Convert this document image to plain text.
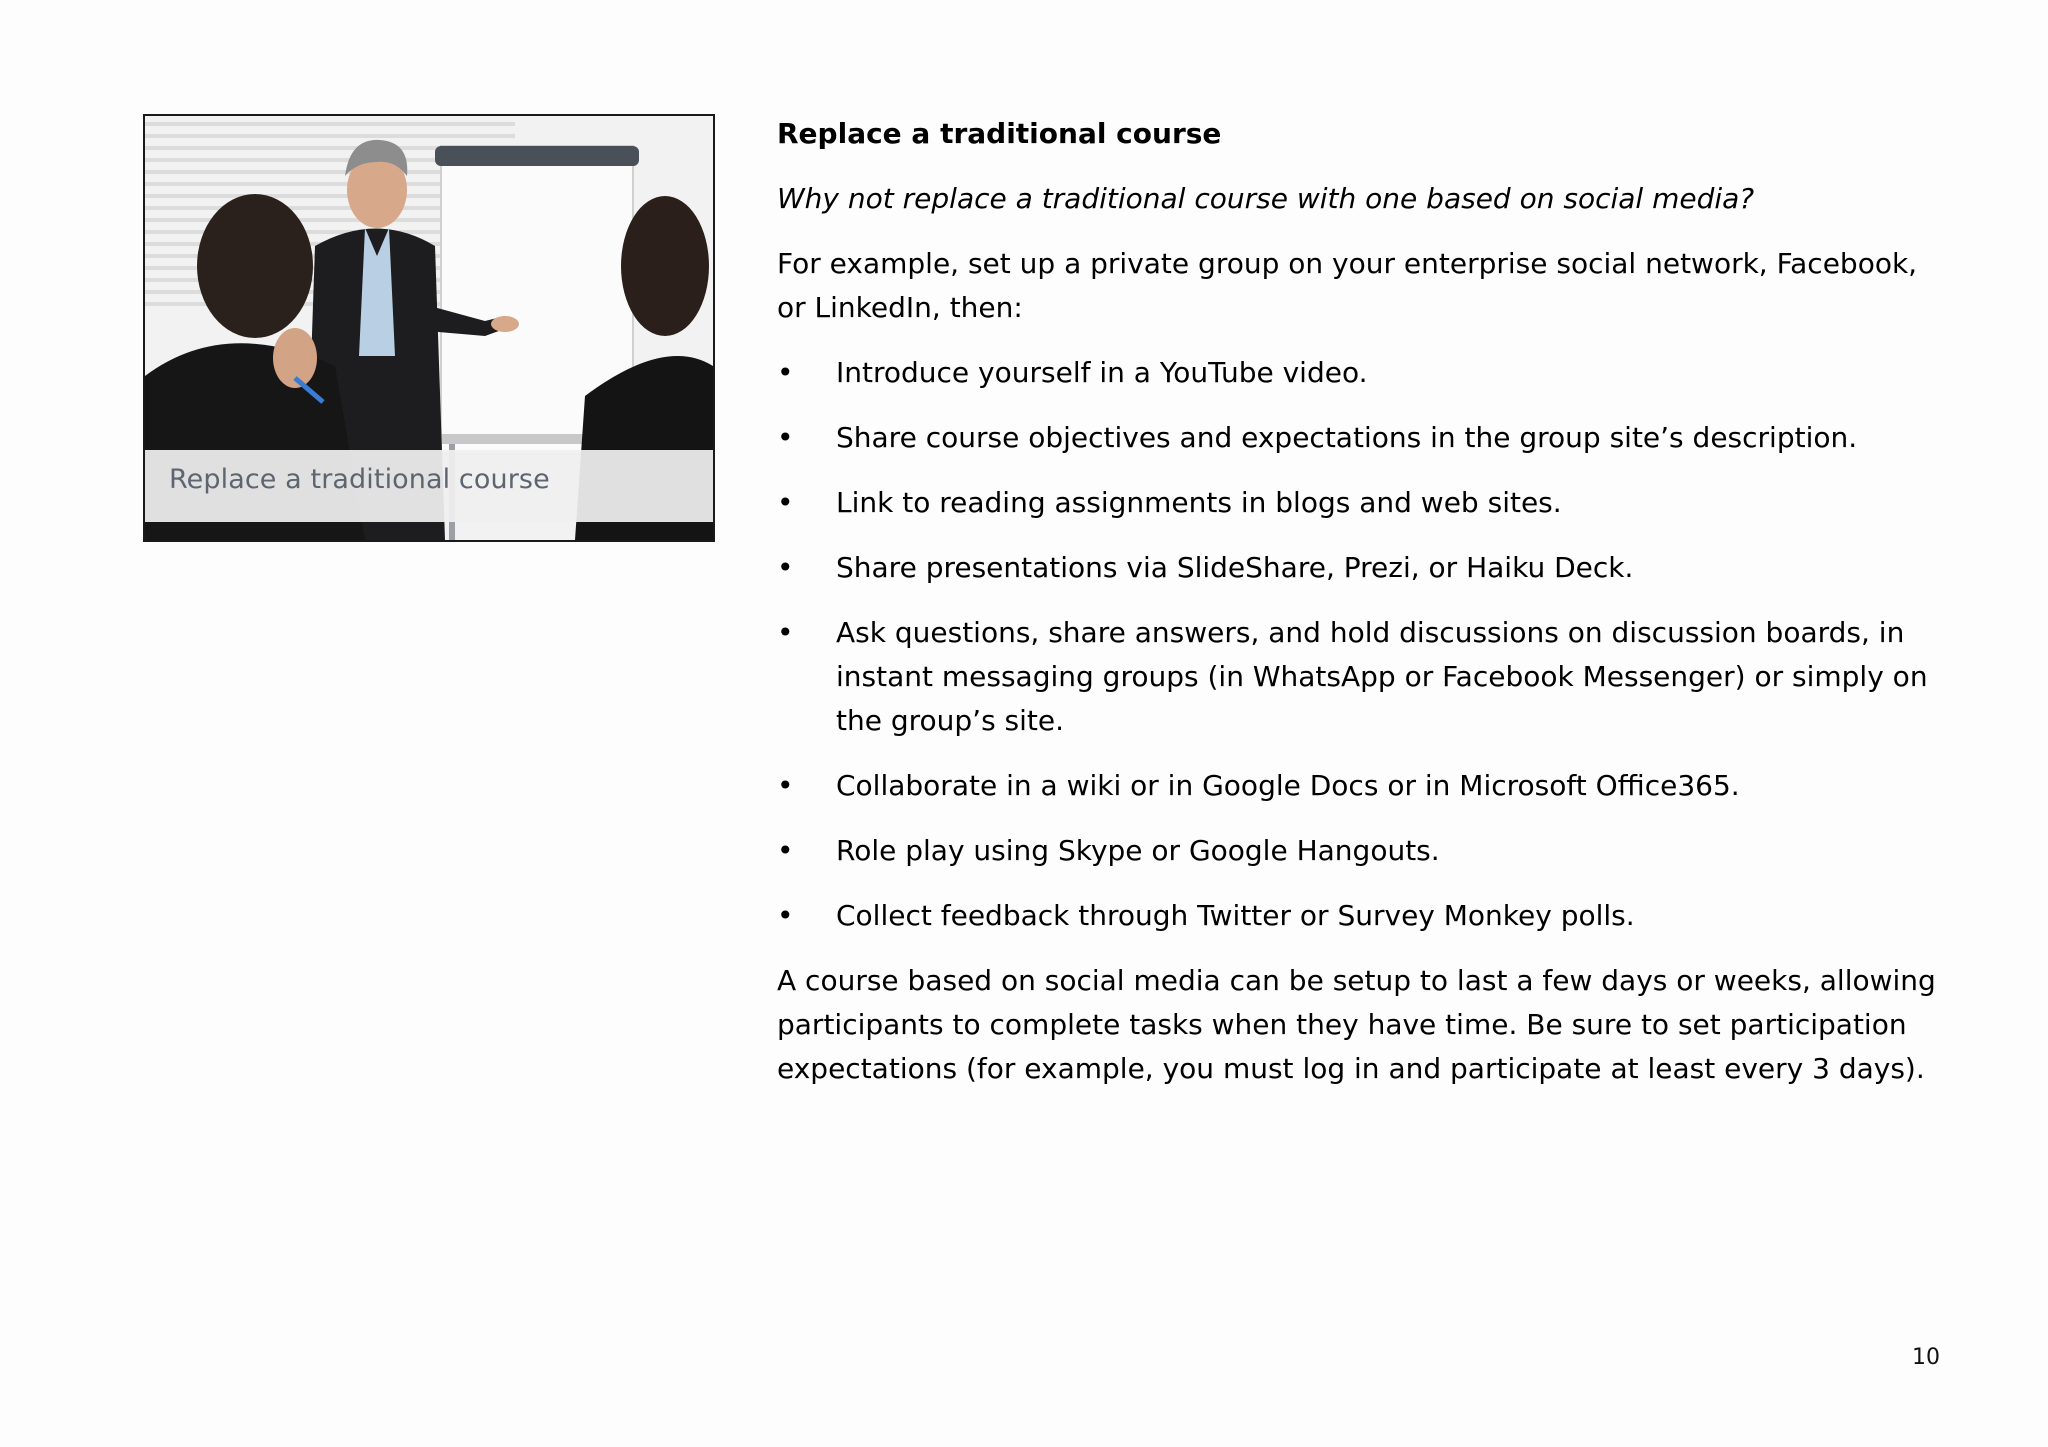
Replace a traditional course

Replace a traditional course

Why not replace a traditional course with one based on social media?

For example, set up a private group on your enterprise social network, Facebook, or LinkedIn, then:

• Introduce yourself in a YouTube video.
• Share course objectives and expectations in the group site’s description.
• Link to reading assignments in blogs and web sites.
• Share presentations via SlideShare, Prezi, or Haiku Deck.
• Ask questions, share answers, and hold discussions on discussion boards, in instant messaging groups (in WhatsApp or Facebook Messenger) or simply on the group’s site.
• Collaborate in a wiki or in Google Docs or in Microsoft Office365.
• Role play using Skype or Google Hangouts.
• Collect feedback through Twitter or Survey Monkey polls.

A course based on social media can be setup to last a few days or weeks, allowing participants to complete tasks when they have time. Be sure to set participation expectations (for example, you must log in and participate at least every 3 days).

10
